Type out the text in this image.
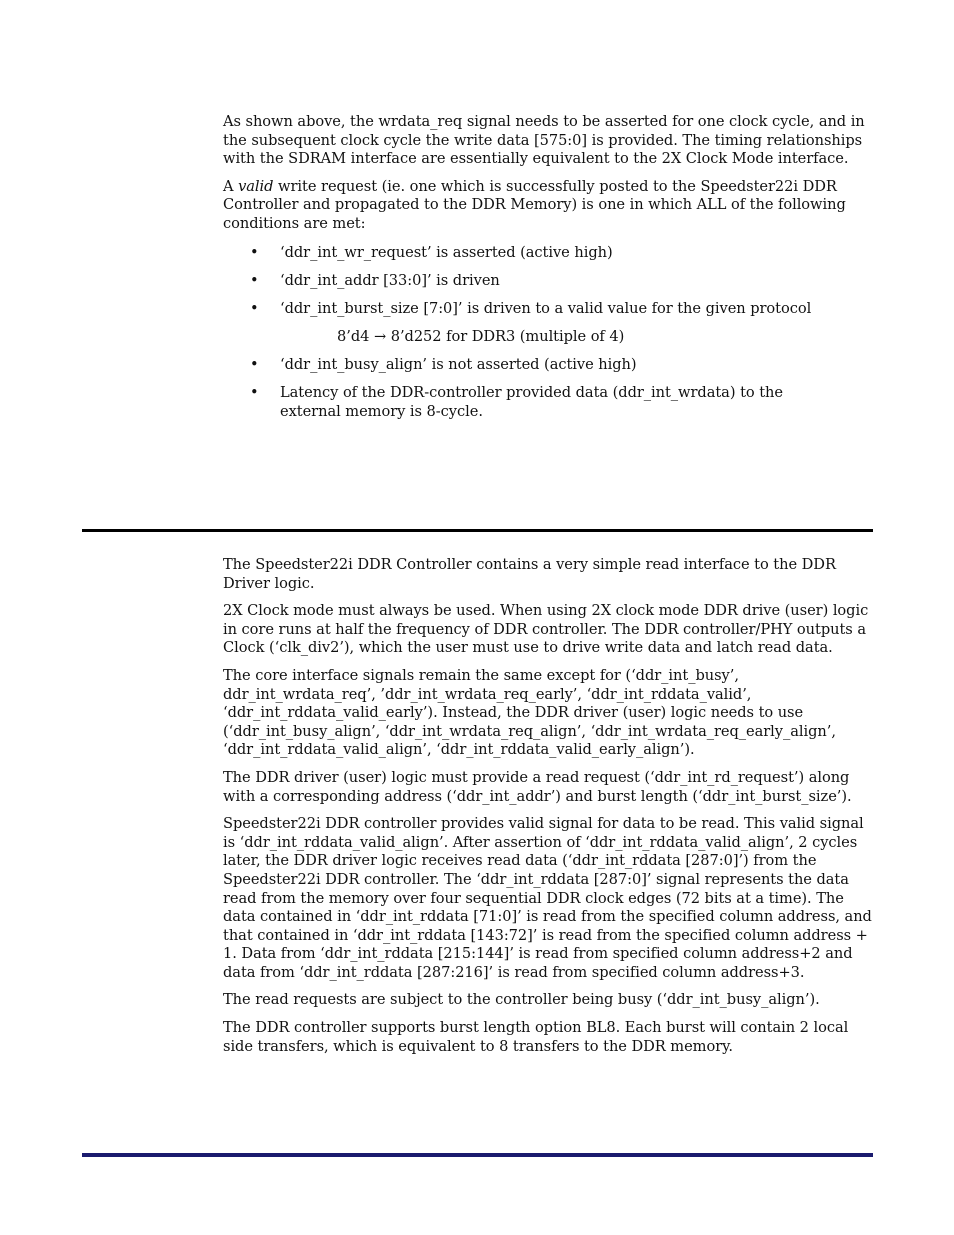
As shown above, the wrdata_req signal needs to be asserted for one clock cycle, and in the subsequent clock cycle the write data [575:0] is provided. The timing relationships with the SDRAM interface are essentially equivalent to the 2X Clock Mode interface.

A valid write request (ie. one which is successfully posted to the Speedster22i DDR Controller and propagated to the DDR Memory) is one in which ALL of the following conditions are met:

• ‘ddr_int_wr_request’ is asserted (active high)
• ‘ddr_int_addr [33:0]’ is driven
• ‘ddr_int_burst_size [7:0]’ is driven to a valid value for the given protocol
8’d4 → 8’d252 for DDR3 (multiple of 4)
• ‘ddr_int_busy_align’ is not asserted (active high)
• Latency of the DDR-controller provided data (ddr_int_wrdata) to the external memory is 8-cycle.

The Speedster22i DDR Controller contains a very simple read interface to the DDR Driver logic.

2X Clock mode must always be used. When using 2X clock mode DDR drive (user) logic in core runs at half the frequency of DDR controller. The DDR controller/PHY outputs a Clock (‘clk_div2’), which the user must use to drive write data and latch read data.

The core interface signals remain the same except for (‘ddr_int_busy’, ddr_int_wrdata_req’, ’ddr_int_wrdata_req_early’, ‘ddr_int_rddata_valid’, ‘ddr_int_rddata_valid_early’). Instead, the DDR driver (user) logic needs to use (‘ddr_int_busy_align’, ‘ddr_int_wrdata_req_align’, ‘ddr_int_wrdata_req_early_align’, ‘ddr_int_rddata_valid_align’, ‘ddr_int_rddata_valid_early_align’).

The DDR driver (user) logic must provide a read request (‘ddr_int_rd_request’) along with a corresponding address (‘ddr_int_addr’) and burst length (‘ddr_int_burst_size’).

Speedster22i DDR controller provides valid signal for data to be read. This valid signal is ‘ddr_int_rddata_valid_align’. After assertion of ‘ddr_int_rddata_valid_align’, 2 cycles later, the DDR driver logic receives read data (‘ddr_int_rddata [287:0]’) from the Speedster22i DDR controller. The ‘ddr_int_rddata [287:0]’ signal represents the data read from the memory over four sequential DDR clock edges (72 bits at a time). The data contained in ‘ddr_int_rddata [71:0]’ is read from the specified column address, and that contained in ‘ddr_int_rddata [143:72]’ is read from the specified column address + 1. Data from ‘ddr_int_rddata [215:144]’ is read from specified column address+2 and data from ‘ddr_int_rddata [287:216]’ is read from specified column address+3.

The read requests are subject to the controller being busy (‘ddr_int_busy_align’).

The DDR controller supports burst length option BL8. Each burst will contain 2 local side transfers, which is equivalent to 8 transfers to the DDR memory.
